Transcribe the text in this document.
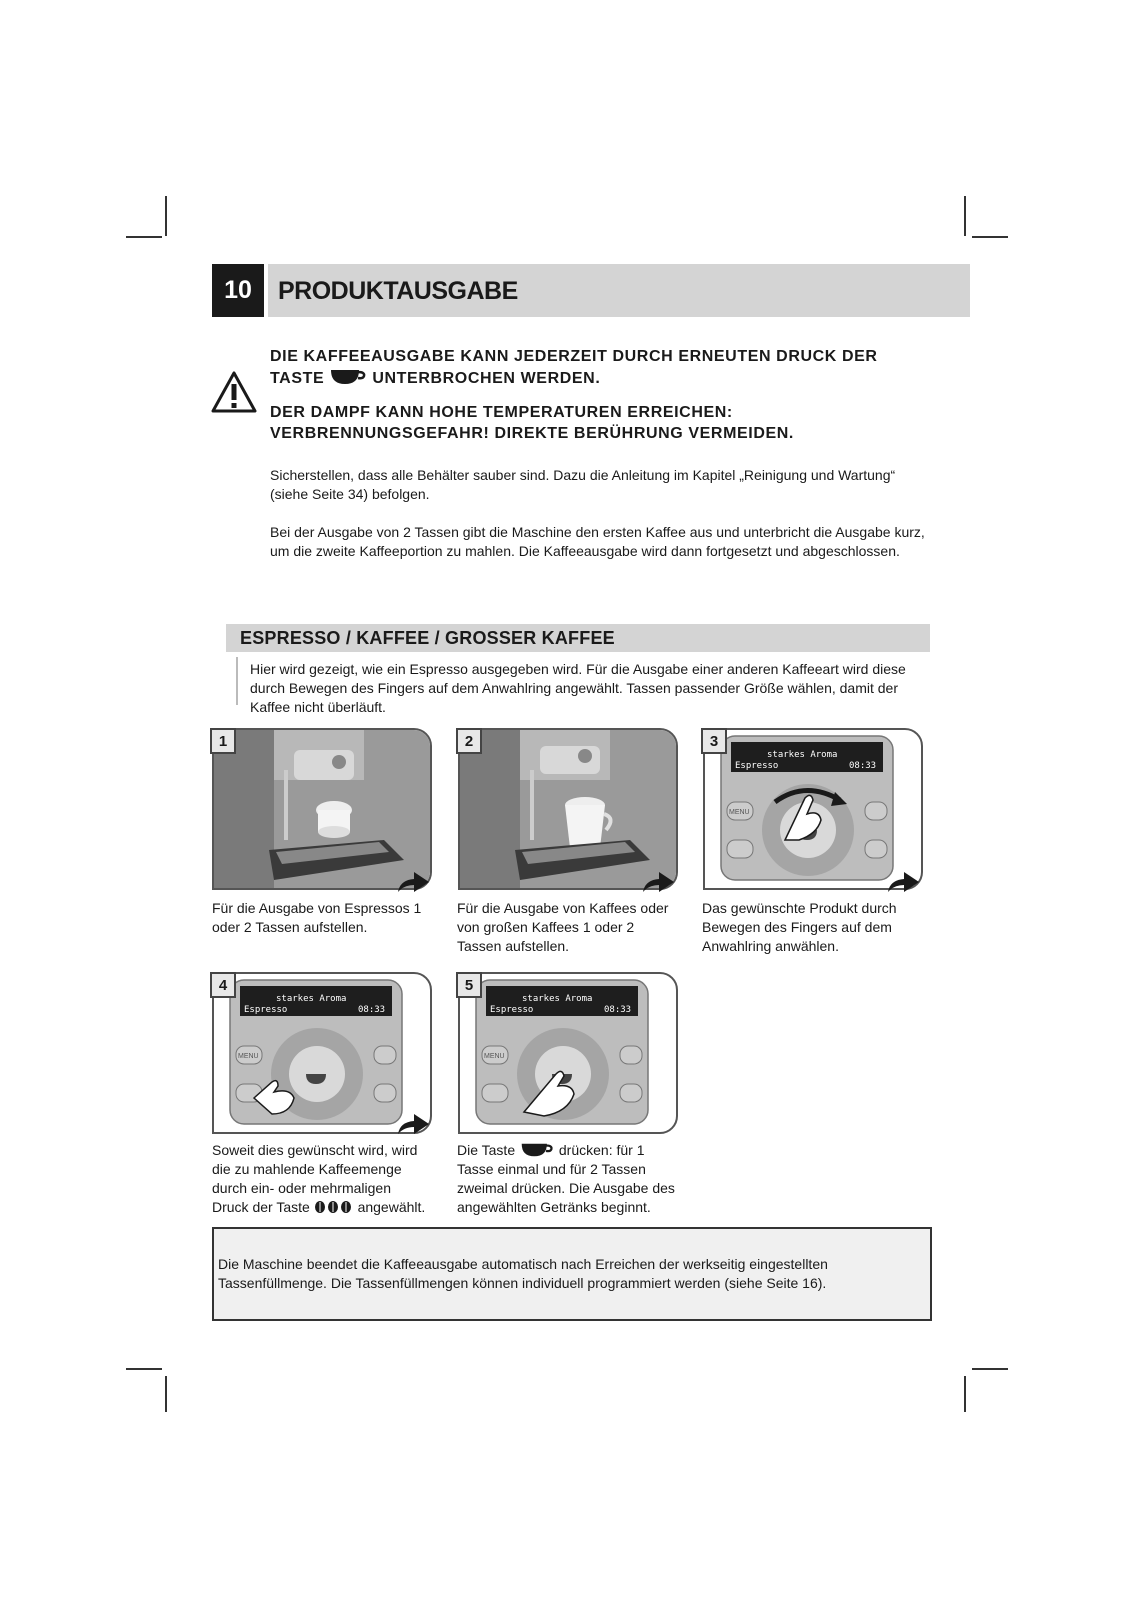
10	PRODUKTAUSGABE
DIE KAFFEEAUSGABE KANN JEDERZEIT DURCH ERNEUTEN DRUCK DER
TASTE	UNTERBROCHEN WERDEN.
DER DAMPF KANN HOHE TEMPERATUREN ERREICHEN:
VERBRENNUNGSGEFAHR! DIREKTE BERÜHRUNG VERMEIDEN.
Sicherstellen, dass alle Behälter sauber sind. Dazu die Anleitung im Kapitel „Reinigung und Wartung“ (siehe Seite 34) befolgen.
Bei der Ausgabe von 2 Tassen gibt die Maschine den ersten Kaffee aus und unterbricht die Ausgabe kurz, um die zweite Kaffeeportion zu mahlen. Die Kaffeeausgabe wird dann fortgesetzt und abgeschlossen.
ESPRESSO / KAFFEE / GROSSER KAFFEE
Hier wird gezeigt, wie ein Espresso ausgegeben wird. Für die Ausgabe einer anderen Kaffeeart wird diese durch Bewegen des Fingers auf dem Anwahlring angewählt. Tassen passender Größe wählen, damit der Kaffee nicht überläuft.
1
Für die Ausgabe von Espressos 1 oder 2 Tassen aufstellen.
2
Für die Ausgabe von Kaffees oder von großen Kaffees 1 oder 2 Tassen aufstellen.
starkes Aroma
Espresso	08:33
MENU
3
Das gewünschte Produkt durch Bewegen des Fingers auf dem Anwahlring anwählen.
starkes Aroma
Espresso	08:33
MENU
4
Soweit dies gewünscht wird, wird die zu mahlende Kaffeemenge durch ein- oder mehrmaligen Druck der Taste	angewählt.
starkes Aroma
Espresso	08:33
MENU
5
Die Taste	drücken: für 1 Tasse einmal und für 2 Tassen zweimal drücken. Die Ausgabe des angewählten Getränks beginnt.
Die Maschine beendet die Kaffeeausgabe automatisch nach Erreichen der werkseitig eingestellten Tassenfüllmenge. Die Tassenfüllmengen können individuell programmiert werden (siehe Seite 16).
